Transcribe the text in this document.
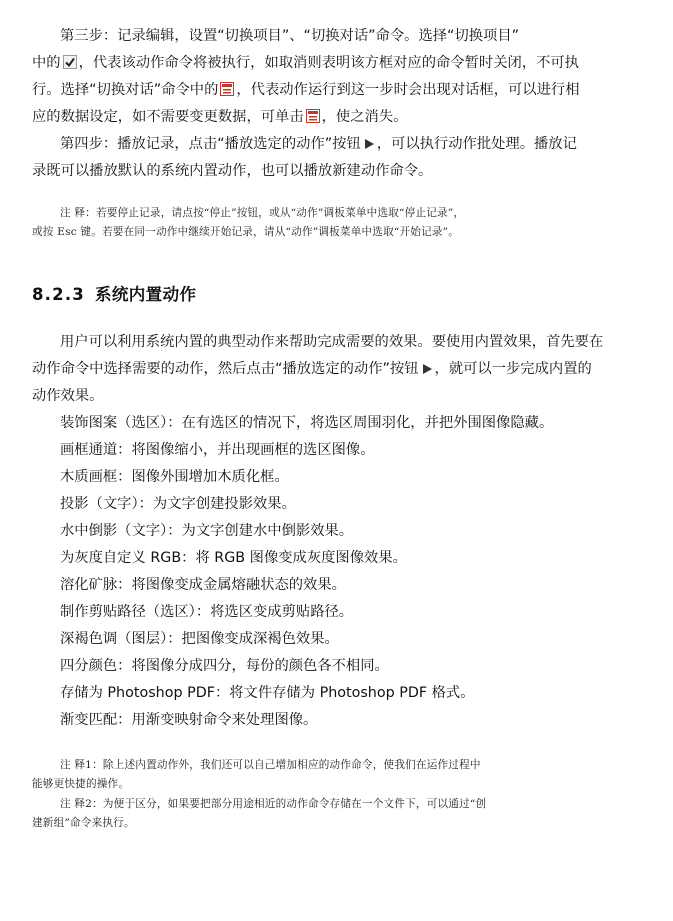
第三步：记录编辑，设置“切换项目”、“切换对话”命令。选择“切换项目”
中的 ，代表该动作命令将被执行，如取消则表明该方框对应的命令暂时关闭，不可执
行。选择“切换对话”命令中的 ，代表动作运行到这一步时会出现对话框，可以进行相
应的数据设定，如不需要变更数据，可单击 ，使之消失。
第四步：播放记录，点击“播放选定的动作”按钮 ，可以执行动作批处理。播放记
录既可以播放默认的系统内置动作，也可以播放新建动作命令。
注 释：若要停止记录，请点按“停止”按钮，或从“动作”调板菜单中选取“停止记录”，
或按 Esc 键。若要在同一动作中继续开始记录，请从“动作”调板菜单中选取“开始记录”。
8.2.3 系统内置动作
用户可以利用系统内置的典型动作来帮助完成需要的效果。要使用内置效果，首先要在
动作命令中选择需要的动作，然后点击“播放选定的动作”按钮 ，就可以一步完成内置的
动作效果。
装饰图案（选区）：在有选区的情况下，将选区周围羽化，并把外围图像隐藏。
画框通道：将图像缩小，并出现画框的选区图像。
木质画框：图像外围增加木质化框。
投影（文字）：为文字创建投影效果。
水中倒影（文字）：为文字创建水中倒影效果。
为灰度自定义 RGB：将 RGB 图像变成灰度图像效果。
溶化矿脉：将图像变成金属熔融状态的效果。
制作剪贴路径（选区）：将选区变成剪贴路径。
深褐色调（图层）：把图像变成深褐色效果。
四分颜色：将图像分成四分，每份的颜色各不相同。
存储为 Photoshop PDF：将文件存储为 Photoshop PDF 格式。
渐变匹配：用渐变映射命令来处理图像。
注 释1：除上述内置动作外，我们还可以自己增加相应的动作命令，使我们在运作过程中
能够更快捷的操作。
注 释2：为便于区分，如果要把部分用途相近的动作命令存储在一个文件下，可以通过“创
建新组”命令来执行。
